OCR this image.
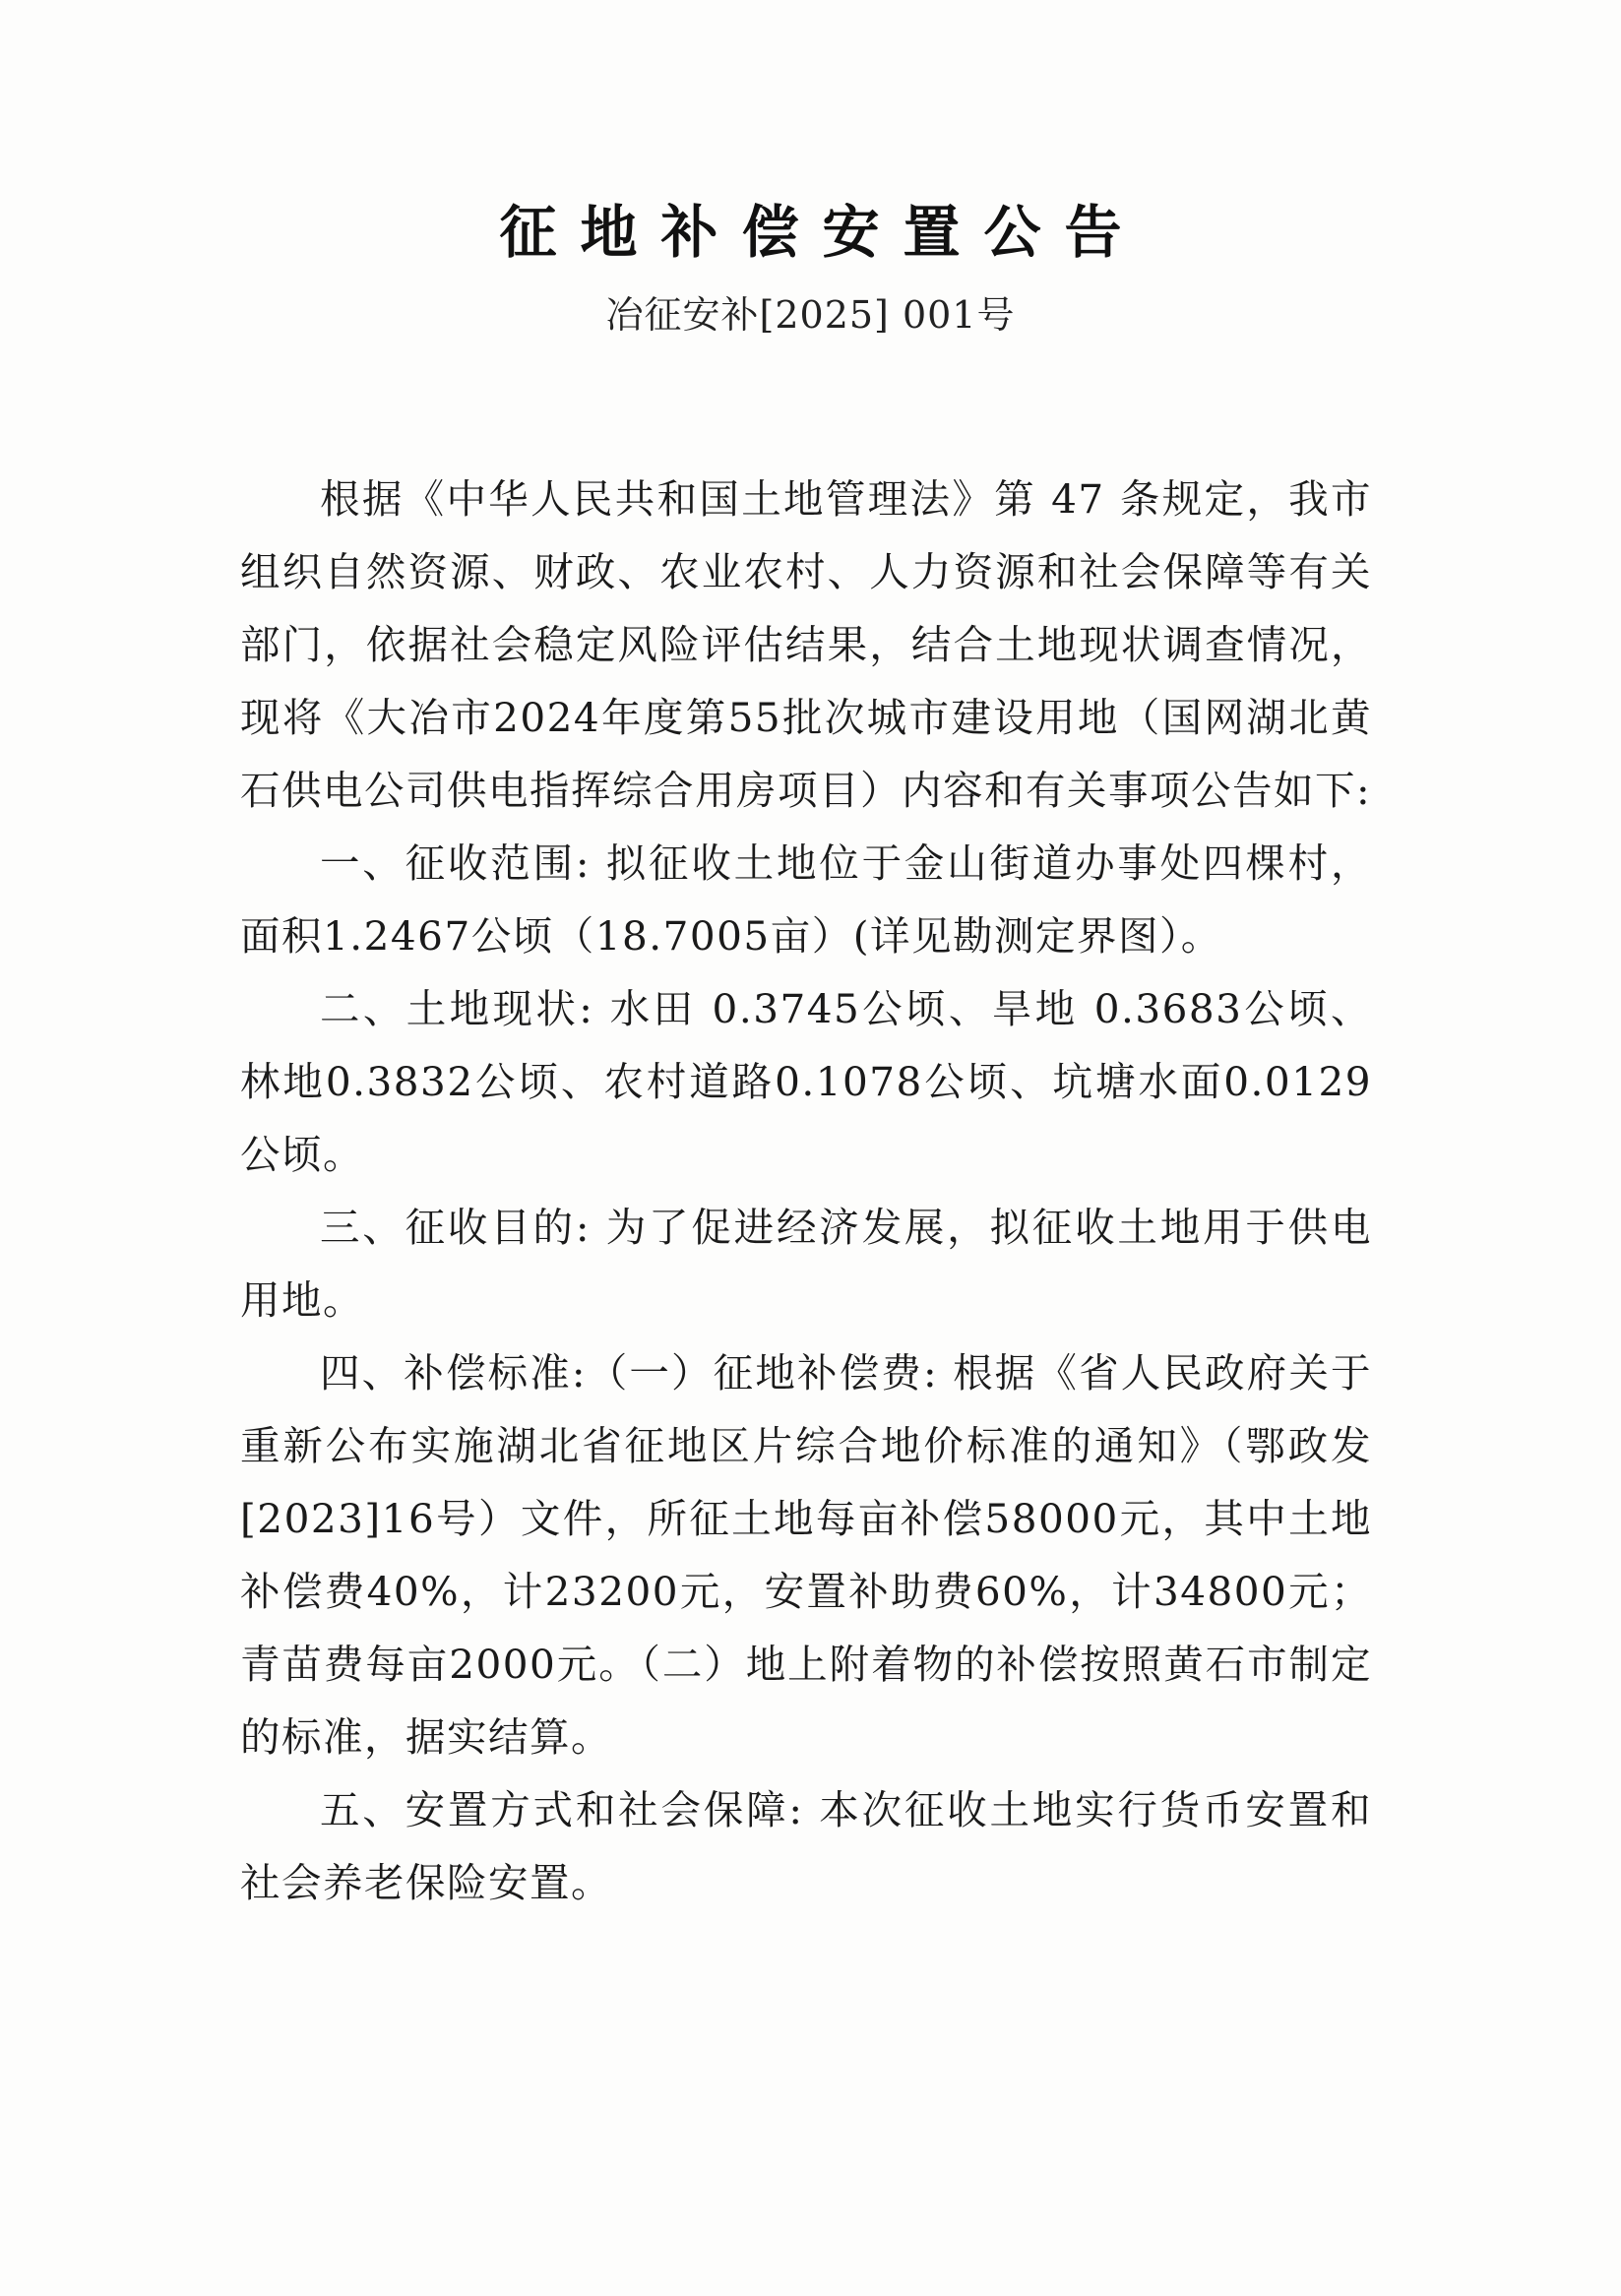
征地补偿安置公告
冶征安补[2025] 001号

根据《中华人民共和国土地管理法》第 47 条规定，我市组织自然资源、财政、农业农村、人力资源和社会保障等有关部门，依据社会稳定风险评估结果，结合土地现状调查情况，现将《大冶市2024年度第55批次城市建设用地（国网湖北黄石供电公司供电指挥综合用房项目）内容和有关事项公告如下:

一、征收范围: 拟征收土地位于金山街道办事处四棵村，面积1.2467公顷（18.7005亩）(详见勘测定界图）。

二、土地现状: 水田 0.3745公顷、旱地 0.3683公顷、林地0.3832公顷、农村道路0.1078公顷、坑塘水面0.0129公顷。

三、征收目的: 为了促进经济发展，拟征收土地用于供电用地。

四、补偿标准:（一）征地补偿费: 根据《省人民政府关于重新公布实施湖北省征地区片综合地价标准的通知》（鄂政发[2023]16号）文件，所征土地每亩补偿58000元，其中土地补偿费40%，计23200元，安置补助费60%，计34800元；青苗费每亩2000元。（二）地上附着物的补偿按照黄石市制定的标准，据实结算。

五、安置方式和社会保障: 本次征收土地实行货币安置和社会养老保险安置。
